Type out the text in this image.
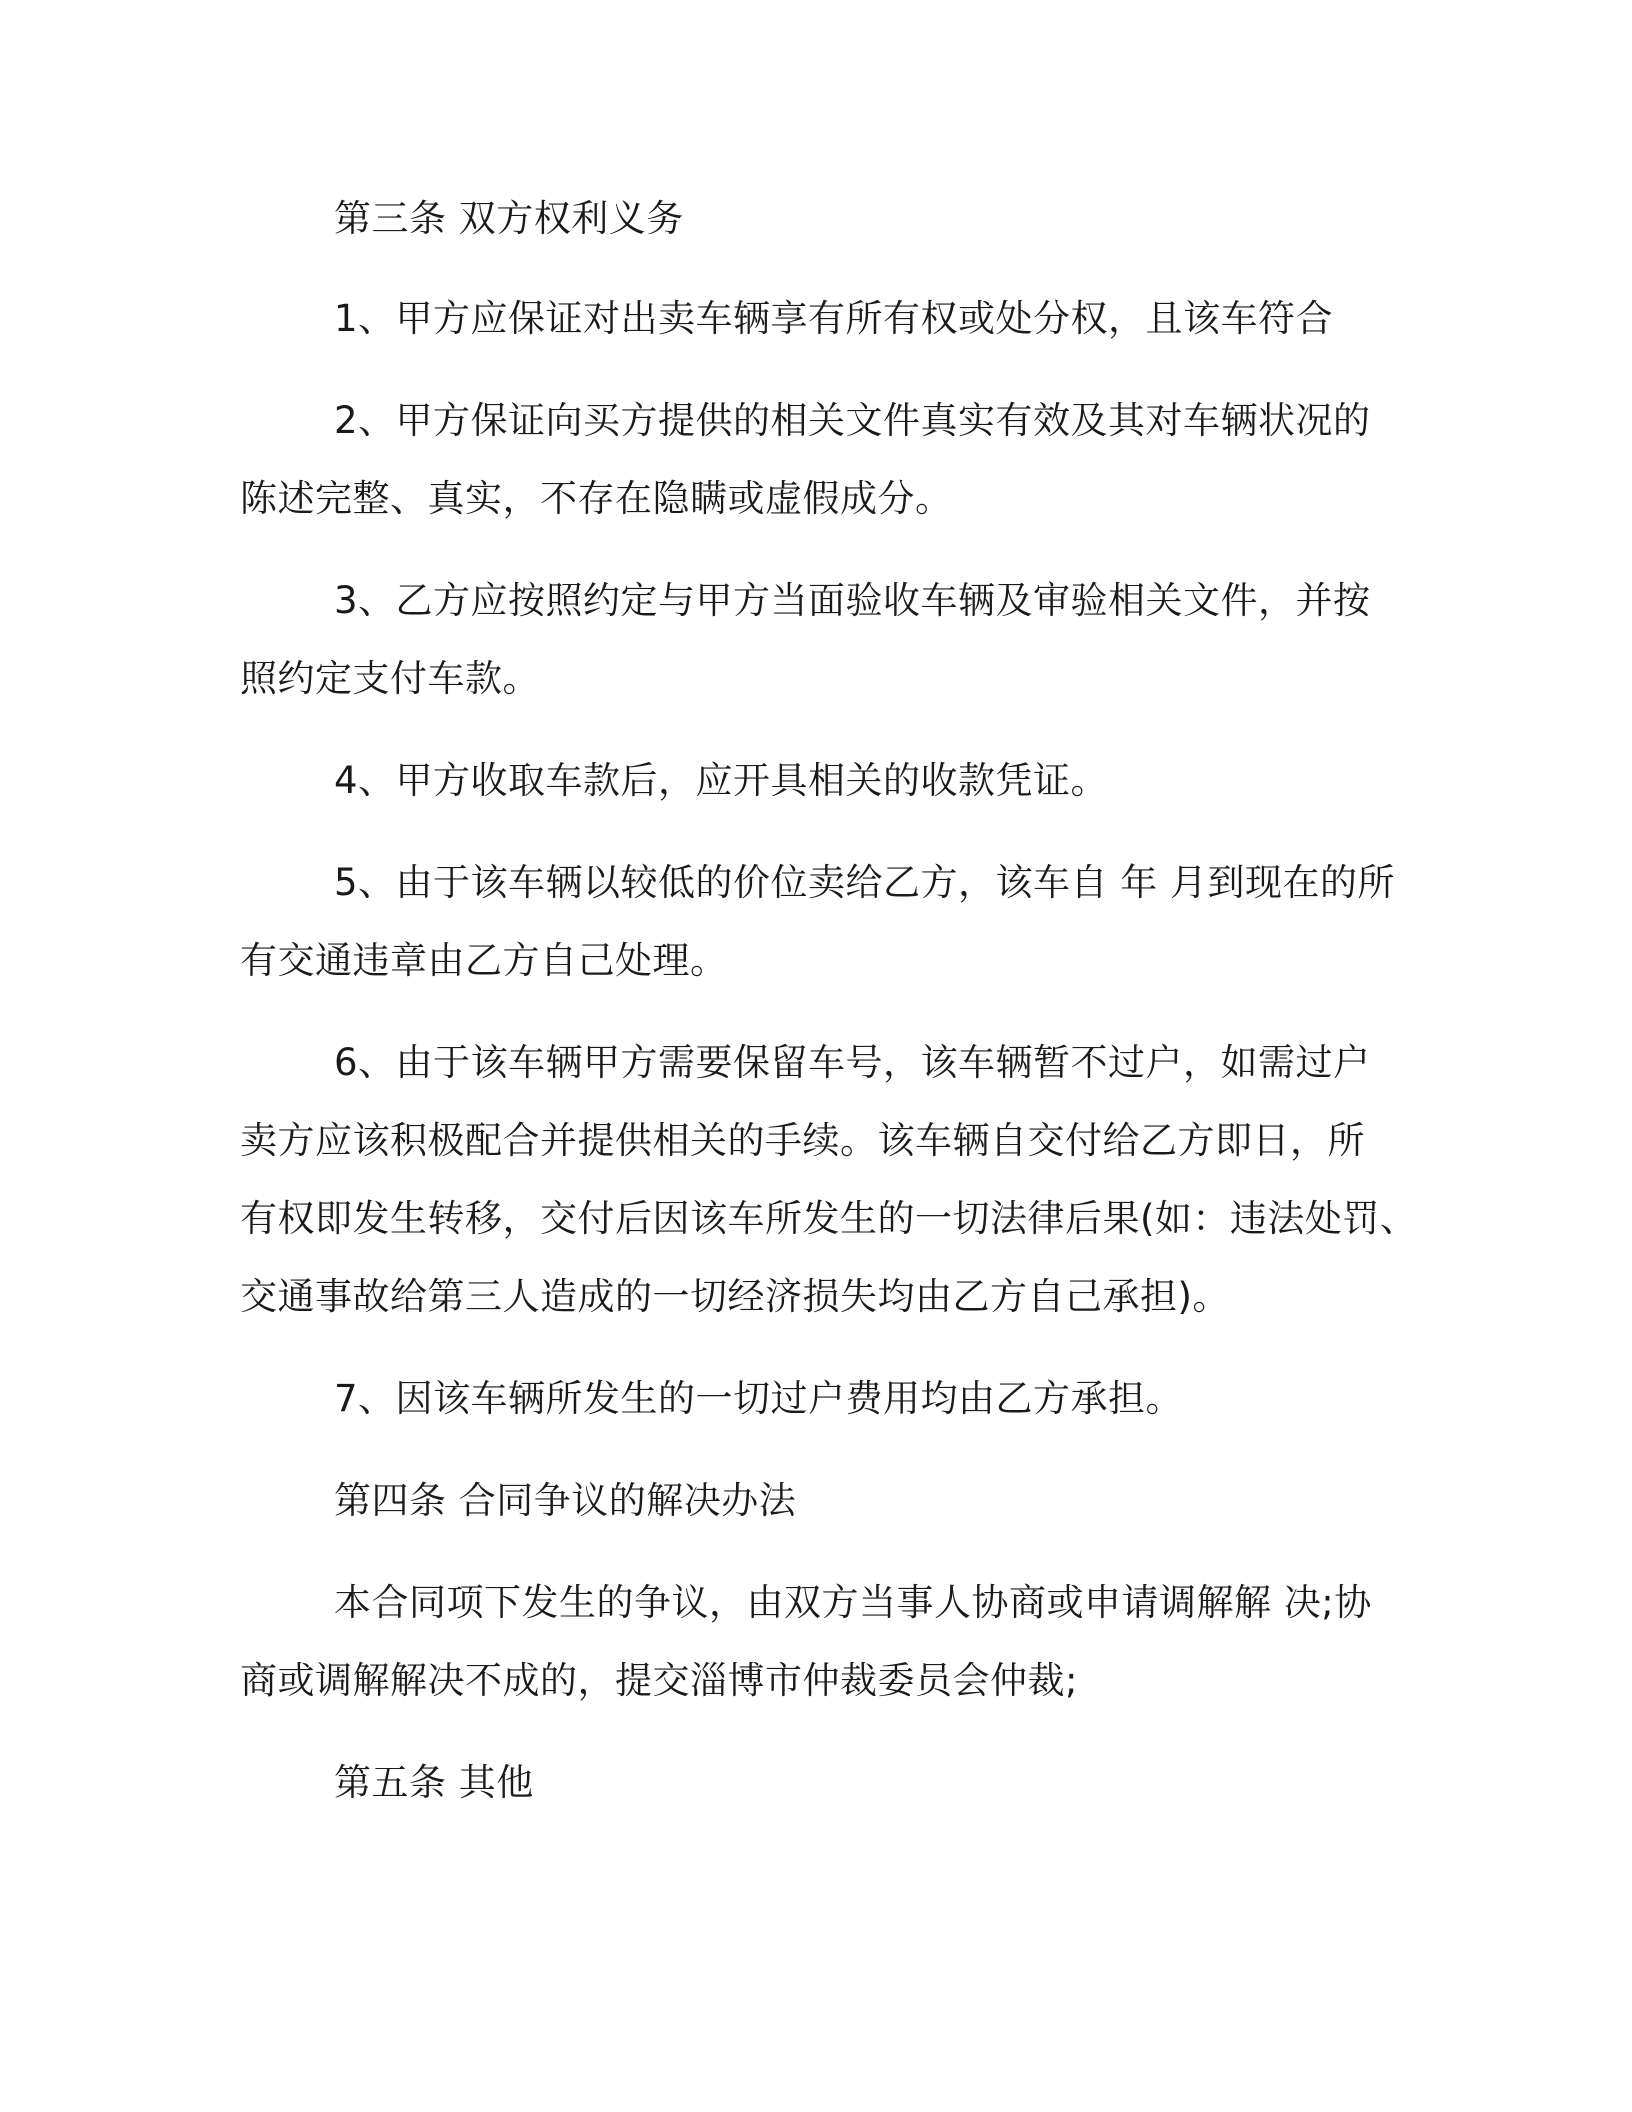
第三条 双方权利义务
1、甲方应保证对出卖车辆享有所有权或处分权，且该车符合
2、甲方保证向买方提供的相关文件真实有效及其对车辆状况的
陈述完整、真实，不存在隐瞒或虚假成分。
3、乙方应按照约定与甲方当面验收车辆及审验相关文件，并按
照约定支付车款。
4、甲方收取车款后，应开具相关的收款凭证。
5、由于该车辆以较低的价位卖给乙方，该车自 年 月到现在的所
有交通违章由乙方自己处理。
6、由于该车辆甲方需要保留车号，该车辆暂不过户，如需过户
卖方应该积极配合并提供相关的手续。该车辆自交付给乙方即日，所
有权即发生转移，交付后因该车所发生的一切法律后果(如：违法处罚、
交通事故给第三人造成的一切经济损失均由乙方自己承担)。
7、因该车辆所发生的一切过户费用均由乙方承担。
第四条 合同争议的解决办法
本合同项下发生的争议，由双方当事人协商或申请调解解 决;协
商或调解解决不成的，提交淄博市仲裁委员会仲裁;
第五条 其他
